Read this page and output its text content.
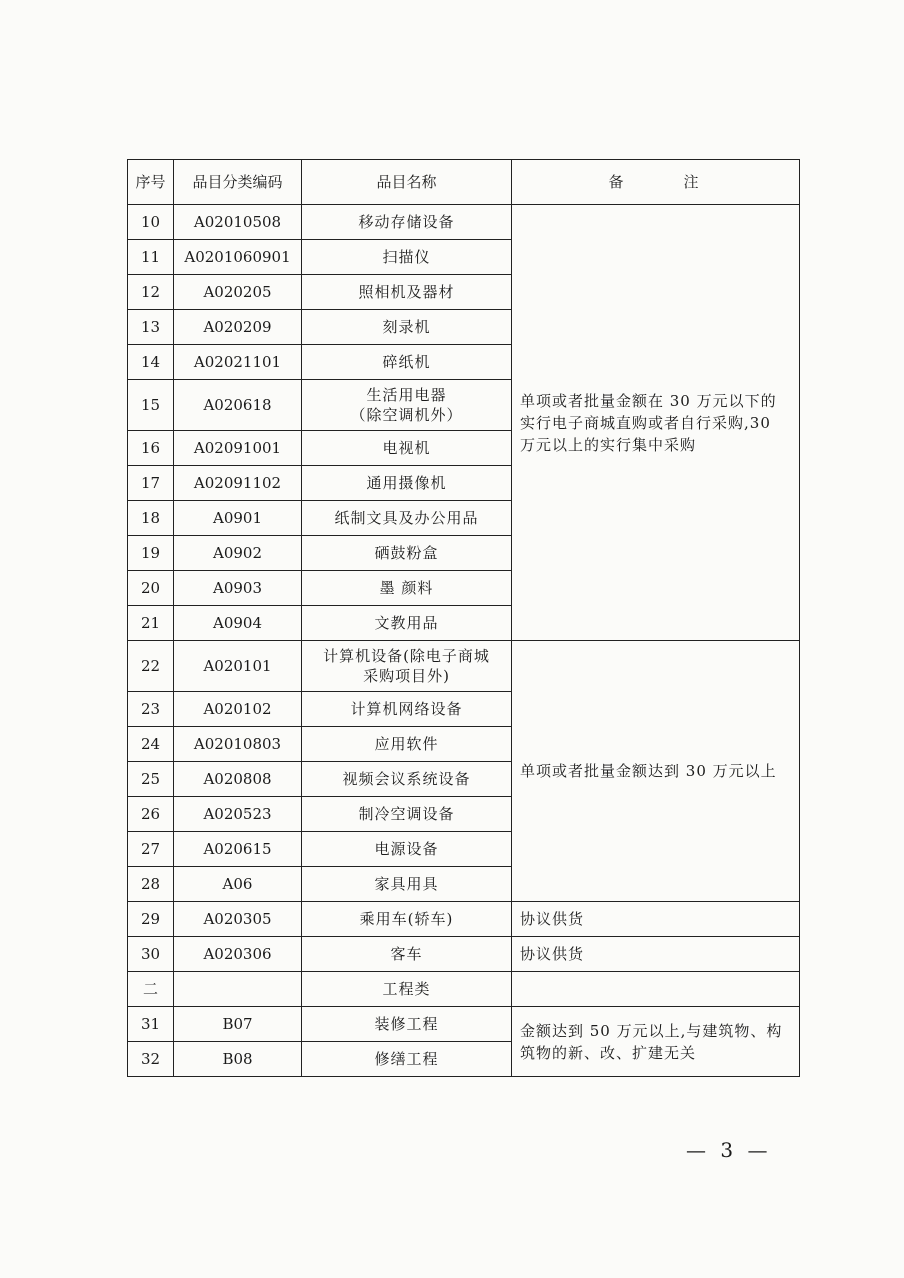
序号	品目分类编码	品目名称	备注
10	A02010508	移动存储设备	单项或者批量金额在 30 万元以下的实行电子商城直购或者自行采购,30 万元以上的实行集中采购
11	A0201060901	扫描仪	
12	A020205	照相机及器材	
13	A020209	刻录机	
14	A02021101	碎纸机	
15	A020618	生活用电器
（除空调机外）	

16	A02091001	电视机	
17	A02091102	通用摄像机	
18	A0901	纸制文具及办公用品	
19	A0902	硒鼓粉盒	
20	A0903	墨 颜料	
21	A0904	文教用品	
22	A020101	计算机设备(除电子商城
采购项目外)	单项或者批量金额达到 30 万元以上
23	A020102	计算机网络设备	
24	A02010803	应用软件	
25	A020808	视频会议系统设备	
26	A020523	制冷空调设备	
27	A020615	电源设备	
28	A06	家具用具	
29	A020305	乘用车(轿车)	协议供货
30	A020306	客车	协议供货
二		工程类	
31	B07	装修工程	金额达到 50 万元以上,与建筑物、构筑物的新、改、扩建无关
32	B08	修缮工程	
— 3 —
